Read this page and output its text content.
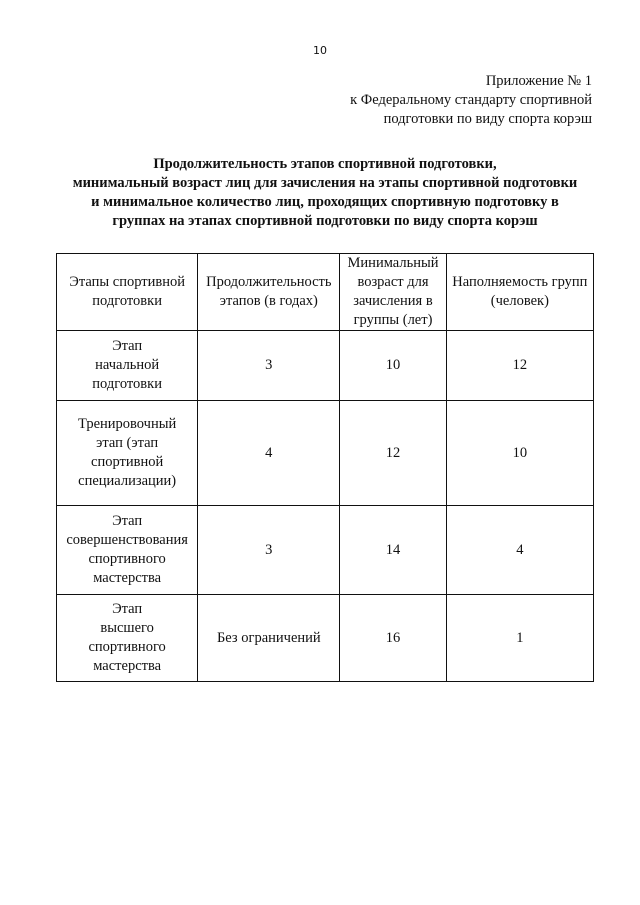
10
Приложение № 1
к Федеральному стандарту спортивной
подготовки по виду спорта корэш
Продолжительность этапов спортивной подготовки,
минимальный возраст лиц для зачисления на этапы спортивной подготовки
и минимальное количество лиц, проходящих спортивную подготовку в
группах на этапах спортивной подготовки по виду спорта корэш
Этапы спортивной подготовки	Продолжительность этапов (в годах)	Минимальный возраст для зачисления в группы (лет)	Наполняемость групп (человек)

Этап
начальной
подготовки	3	10	12

Тренировочный
этап (этап
спортивной
специализации)	4	12	10

Этап
совершенствования
спортивного
мастерства	3	14	4

Этап
высшего
спортивного
мастерства	Без ограничений	16	1
